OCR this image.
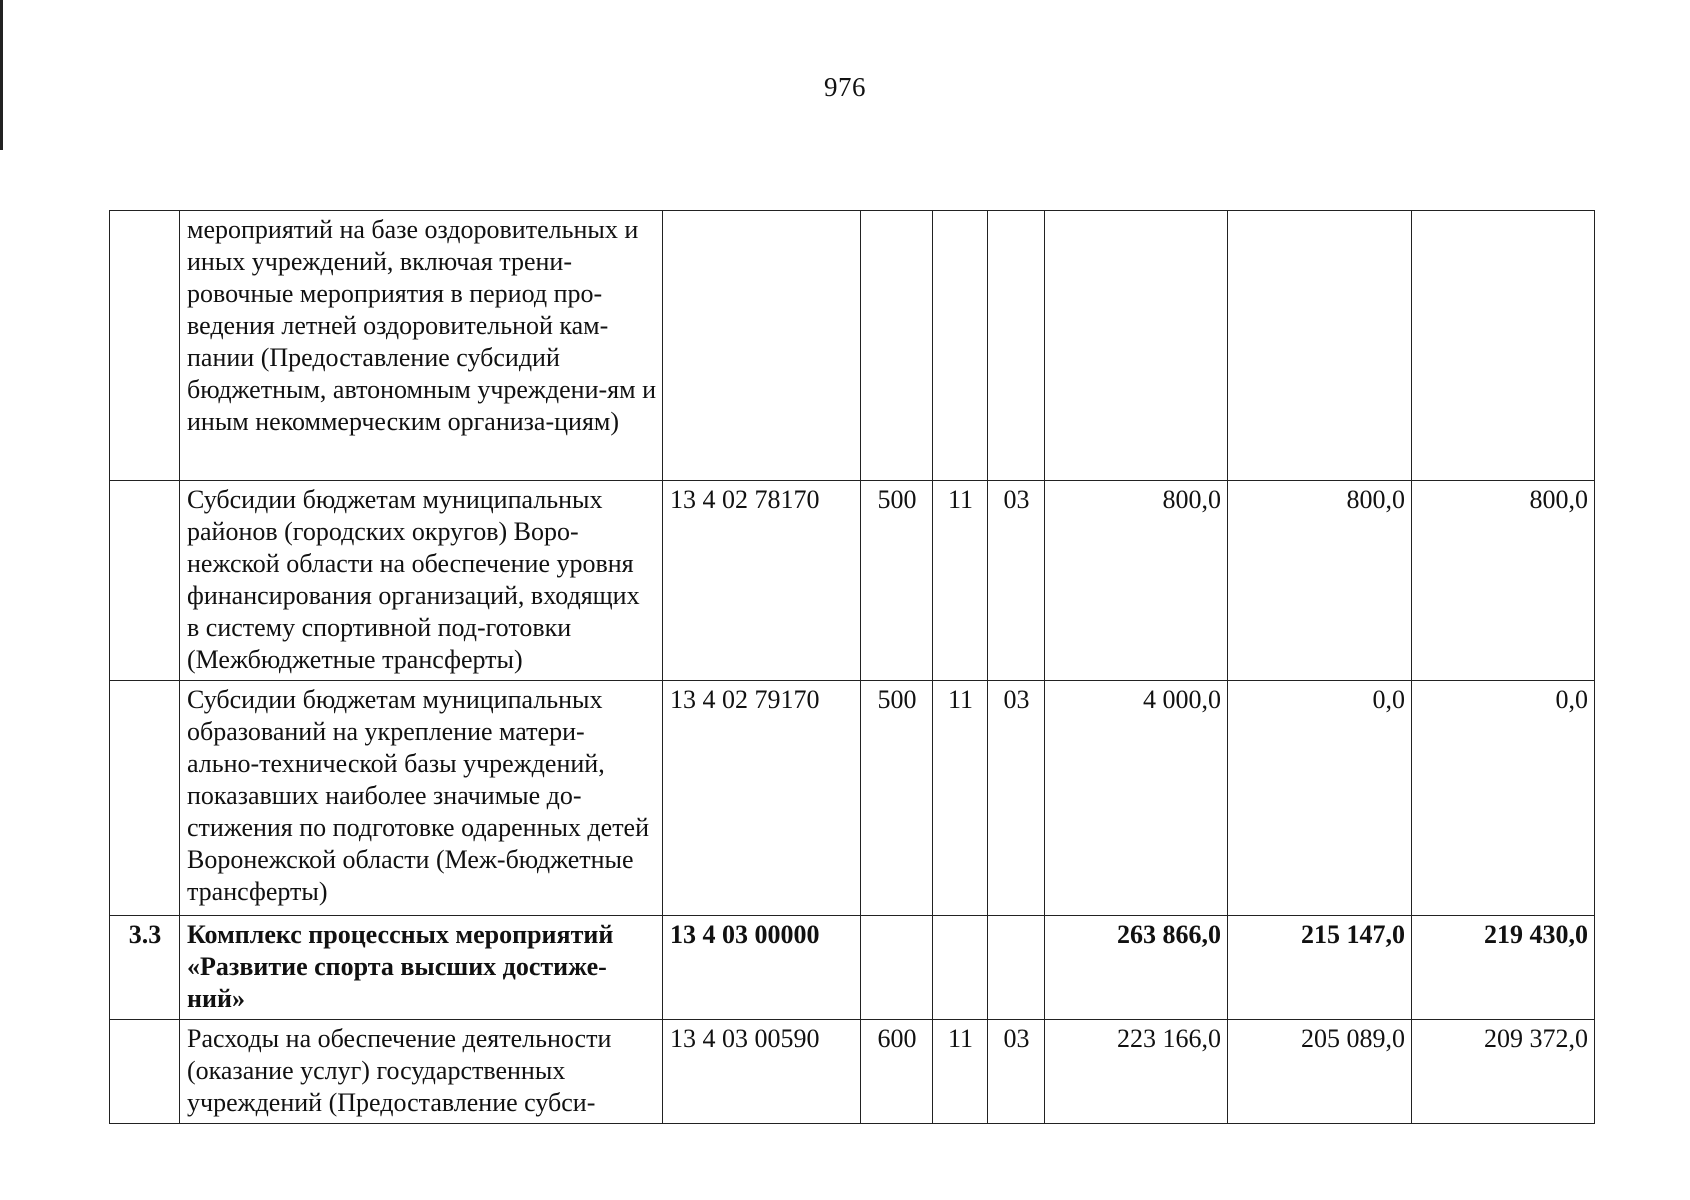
976
	мероприятий на базе оздоровительных и иных учреждений, включая трени-ровочные мероприятия в период про-ведения летней оздоровительной кам-пании (Предоставление субсидий бюджетным, автономным учреждени-ям и иным некоммерческим организа-циям)							
	Субсидии бюджетам муниципальных районов (городских округов) Воро-нежской области на обеспечение уровня финансирования организаций, входящих в систему спортивной под-готовки (Межбюджетные трансферты)	13 4 02 78170	500	11	03	800,0	800,0	800,0
	Субсидии бюджетам муниципальных образований на укрепление матери-ально-технической базы учреждений, показавших наиболее значимые до-стижения по подготовке одаренных детей Воронежской области (Меж-бюджетные трансферты)	13 4 02 79170	500	11	03	4 000,0	0,0	0,0
3.3	Комплекс процессных мероприятий «Развитие спорта высших достиже-ний»	13 4 03 00000				263 866,0	215 147,0	219 430,0
	Расходы на обеспечение деятельности (оказание услуг) государственных учреждений (Предоставление субси-	13 4 03 00590	600	11	03	223 166,0	205 089,0	209 372,0
